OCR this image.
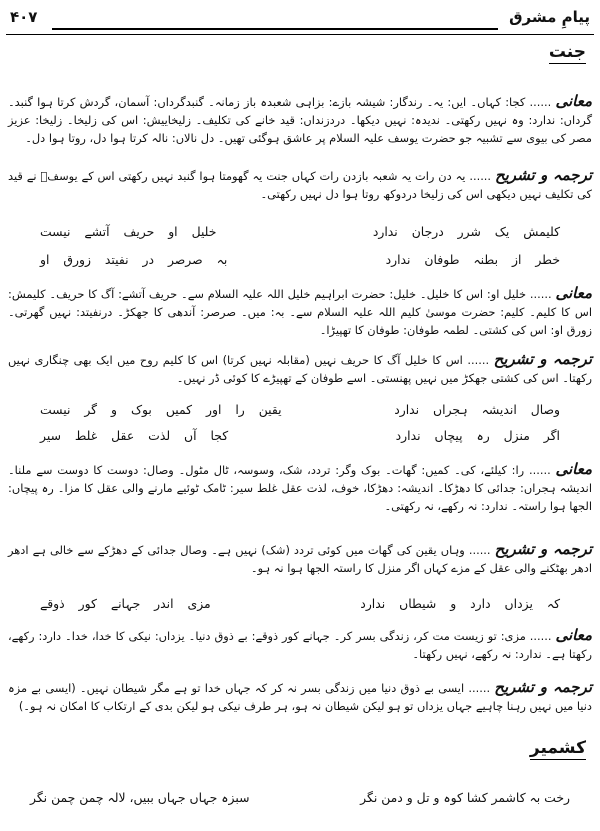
۴۰۷	پیامِ مشرق
جنت

معانی ...... کجا: کہاں۔ ایں: یہ۔ رندگار: شیشہ بازے: بزاہی شعبدہ باز زمانہ۔ گنبدگرداں: آسمان، گردش کرتا ہوا گنبد۔ گرداں: ندارد: وہ نہیں رکھتی۔ ندیدہ: نہیں دیکھا۔ دردزنداں: قید خانے کی تکلیف۔ زلیخاییش: اس کی زلیخا۔ زلیخا: عزیز مصر کی بیوی سے تشبیہ جو حضرت یوسف علیہ السلام پر عاشق ہوگئی تھیں۔ دل نالاں: نالہ کرتا ہوا دل، روتا ہوا دل۔

ترجمہ و تشریح ...... یہ دن رات یہ شعبہ بازدن رات کہاں جنت یہ گھومتا ہوا گنبد نہیں رکھتی اس کے یوسفؑ نے قید کی تکلیف نہیں دیکھی اس کی زلیخا دردوکھ روتا ہوا دل نہیں رکھتی۔

کلیمش یک شرر درجان ندارد
خلیل او حریف آتشے نیست
خطر از بطنہ طوفان ندارد
بہ صرصر در نفیتد زورق او

معانی ...... خلیل او: اس کا خلیل۔ خلیل: حضرت ابراہیم خلیل اللہ علیہ السلام سے۔ حریف آتشے: آگ کا حریف۔ کلیمش: اس کا کلیم۔ کلیم: حضرت موسیٰ کلیم اللہ علیہ السلام سے۔ بہ: میں۔ صرصر: آندھی کا جھکڑ۔ درنفیتد: نہیں گھرتی۔ زورق او: اس کی کشتی۔ لطمہ طوفان: طوفان کا تھپیڑا۔

ترجمہ و تشریح ...... اس کا خلیل آگ کا حریف نہیں (مقابلہ نہیں کرتا) اس کا کلیم روح میں ایک بھی چنگاری نہیں رکھتا۔ اس کی کشتی جھکڑ میں نہیں پھنستی۔ اسے طوفان کے تھپیڑے کا کوئی ڈر نہیں۔

وصال اندیشہ ہجراں ندارد
یقین را اور کمیں بوک و گر نیست
اگر منزل رہ پیچاں ندارد
کجا آں لذت عقل غلط سیر

معانی ...... را: کیلئے، کی۔ کمیں: گھات۔ بوک وگر: تردد، شک، وسوسہ، ٹال مٹول۔ وصال: دوست کا دوست سے ملنا۔ اندیشہ ہجراں: جدائی کا دھڑکا۔ اندیشہ: دھڑکا، خوف، لذت عقل غلط سیر: ٹامک ٹوئیے مارنے والی عقل کا مزا۔ رہ پیچاں: الجھا ہوا راستہ۔ ندارد: نہ رکھے، نہ رکھتی۔

ترجمہ و تشریح ...... وہاں یقین کی گھات میں کوئی تردد (شک) نہیں ہے۔ وصال جدائی کے دھڑکے سے خالی ہے ادھر ادھر بھٹکنے والی عقل کے مزے کہاں اگر منزل کا راستہ الجھا ہوا نہ ہو۔

کہ یزداں دارد و شیطاں ندارد
مزی اندر جہانے کور ذوقے

معانی ...... مزی: تو زیست مت کر، زندگی بسر کر۔ جہانے کور ذوقے: بے ذوق دنیا۔ یزداں: نیکی کا خدا، خدا۔ دارد: رکھے، رکھتا ہے۔ ندارد: نہ رکھے، نہیں رکھتا۔

ترجمہ و تشریح ...... ایسی بے ذوق دنیا میں زندگی بسر نہ کر کہ جہاں خدا تو ہے مگر شیطان نہیں۔ (ایسی بے مزہ دنیا میں نہیں رہنا چاہیے جہاں یزداں تو ہو لیکن شیطان نہ ہو، ہر طرف نیکی ہو لیکن بدی کے ارتکاب کا امکان نہ ہو۔)

کشمیر
رخت بہ کاشمر کشا کوہ و تل و دمن نگر
سبزہ جہاں جہاں ببیں، لالہ چمن چمن نگر
